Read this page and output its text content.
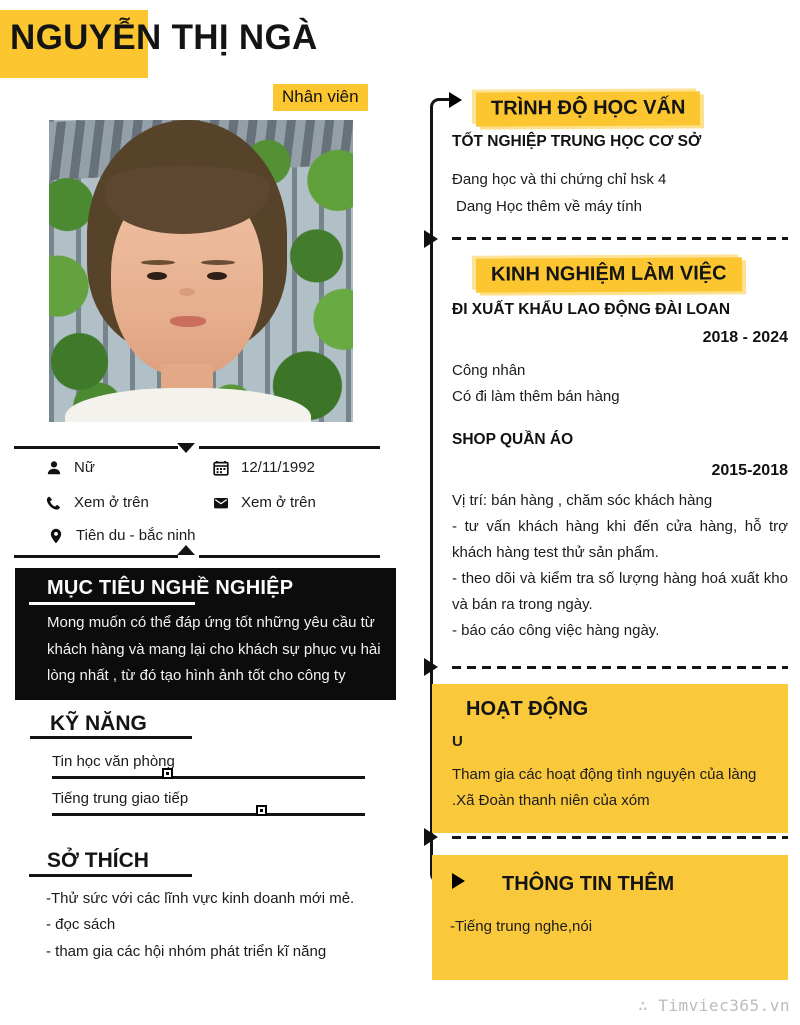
NGUYỄN THỊ NGÀ
Nhân viên
Nữ	12/11/1992
Xem ở trên	Xem ở trên
Tiên du - bắc ninh
MỤC TIÊU NGHỀ NGHIỆP
Mong muốn có thể đáp ứng tốt những yêu cầu từ khách hàng và mang lại cho khách sự phục vụ hài lòng nhất , từ đó tạo hình ảnh tốt cho công ty
KỸ NĂNG
Tin học văn phòng
Tiếng trung giao tiếp
SỞ THÍCH
-Thử sức với các lĩnh vực kinh doanh mới mẻ.
- đọc sách
- tham gia các hội nhóm phát triển kĩ năng
TRÌNH ĐỘ HỌC VẤN
TỐT NGHIỆP TRUNG HỌC CƠ SỞ
Đang học và thi chứng chỉ hsk 4
Dang Học thêm về máy tính
KINH NGHIỆM LÀM VIỆC
ĐI XUẤT KHẨU LAO ĐỘNG ĐÀI LOAN
2018 - 2024
Công nhân
Có đi làm thêm bán hàng
SHOP QUẦN ÁO
2015-2018
Vị trí: bán hàng , chăm sóc khách hàng
- tư vấn khách hàng khi đến cửa hàng, hỗ trợ khách hàng test thử sản phẩm.
- theo dõi và kiểm tra số lượng hàng hoá xuất kho và bán ra trong ngày.
- báo cáo công việc hàng ngày.
HOẠT ĐỘNG
U
Tham gia các hoạt động tình nguyện của làng .Xã Đoàn thanh niên của xóm
THÔNG TIN THÊM
-Tiếng trung nghe,nói
∴ Timviec365.vn
